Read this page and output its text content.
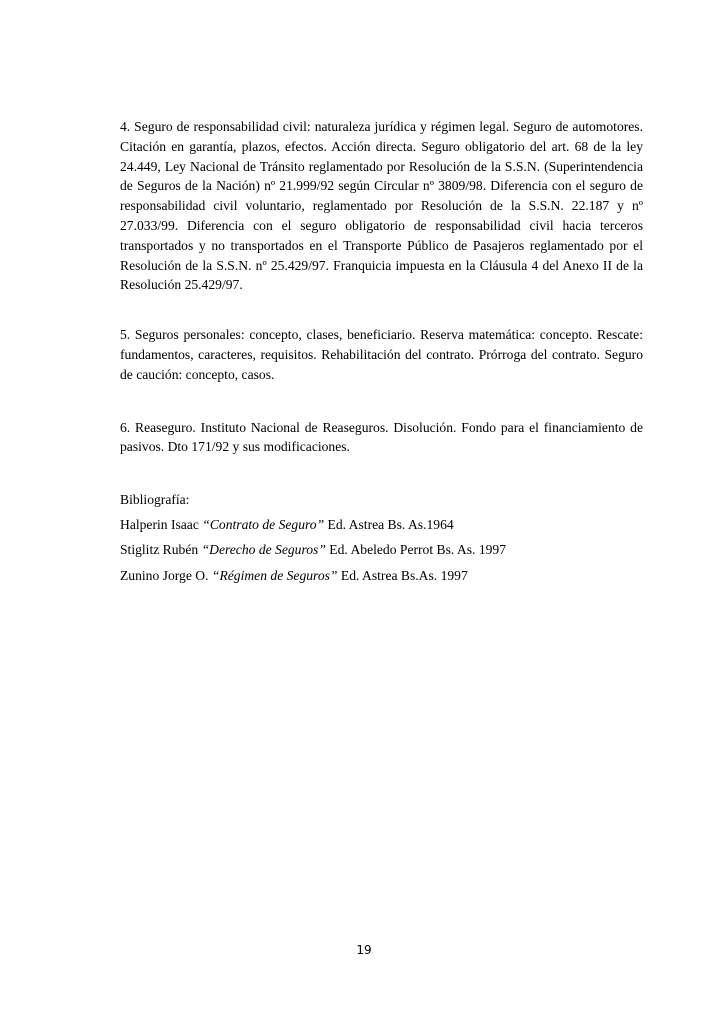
4. Seguro de responsabilidad civil: naturaleza jurídica y régimen legal. Seguro de automotores. Citación en garantía, plazos, efectos. Acción directa. Seguro obligatorio del art. 68 de la ley 24.449, Ley Nacional de Tránsito reglamentado por Resolución de la S.S.N. (Superintendencia de Seguros de la Nación) nº 21.999/92 según Circular nº 3809/98. Diferencia con el seguro de responsabilidad civil voluntario, reglamentado por Resolución de la S.S.N. 22.187 y nº 27.033/99. Diferencia con el seguro obligatorio de responsabilidad civil hacia terceros transportados y no transportados en el Transporte Público de Pasajeros reglamentado por el Resolución de la S.S.N. nº 25.429/97. Franquicia impuesta en la Cláusula 4 del Anexo II de la Resolución 25.429/97.

5. Seguros personales: concepto, clases, beneficiario. Reserva matemática: concepto. Rescate: fundamentos, caracteres, requisitos. Rehabilitación del contrato. Prórroga del contrato. Seguro de caución: concepto, casos.

6. Reaseguro. Instituto Nacional de Reaseguros. Disolución. Fondo para el financiamiento de pasivos. Dto 171/92 y sus modificaciones.

Bibliografía:

Halperin Isaac “Contrato de Seguro” Ed. Astrea Bs. As.1964

Stiglitz Rubén “Derecho de Seguros” Ed. Abeledo Perrot Bs. As. 1997

Zunino Jorge O. “Régimen de Seguros” Ed. Astrea Bs.As. 1997

19
